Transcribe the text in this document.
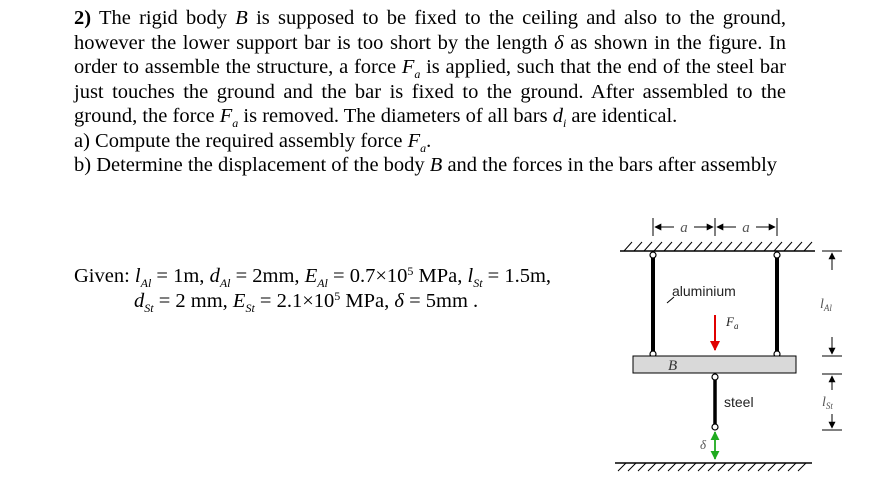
2) The rigid body B is supposed to be fixed to the ceiling and also to the ground, however the lower support bar is too short by the length δ as shown in the figure. In order to assemble the structure, a force $F_a$ is applied, such that the end of the steel bar just touches the ground and the bar is fixed to the ground. After assembled to the ground, the force $F_a$ is removed. The diameters of all bars $d_i$ are identical.

a) Compute the required assembly force $F_a$.

b) Determine the displacement of the body B and the forces in the bars after assembly

Given: $l_{Al} = 1m$, $d_{Al} = 2mm$, $E_{Al} = 0.7\times 10^5$ MPa, $l_{St} = 1.5m$,
$d_{St} = 2$ mm, $E_{St} = 2.1\times 10^5$ MPa, δ = 5mm .
a	a
aluminium
$F_a$
B
steel
δ
$l_{Al}$
$l_{St}$
